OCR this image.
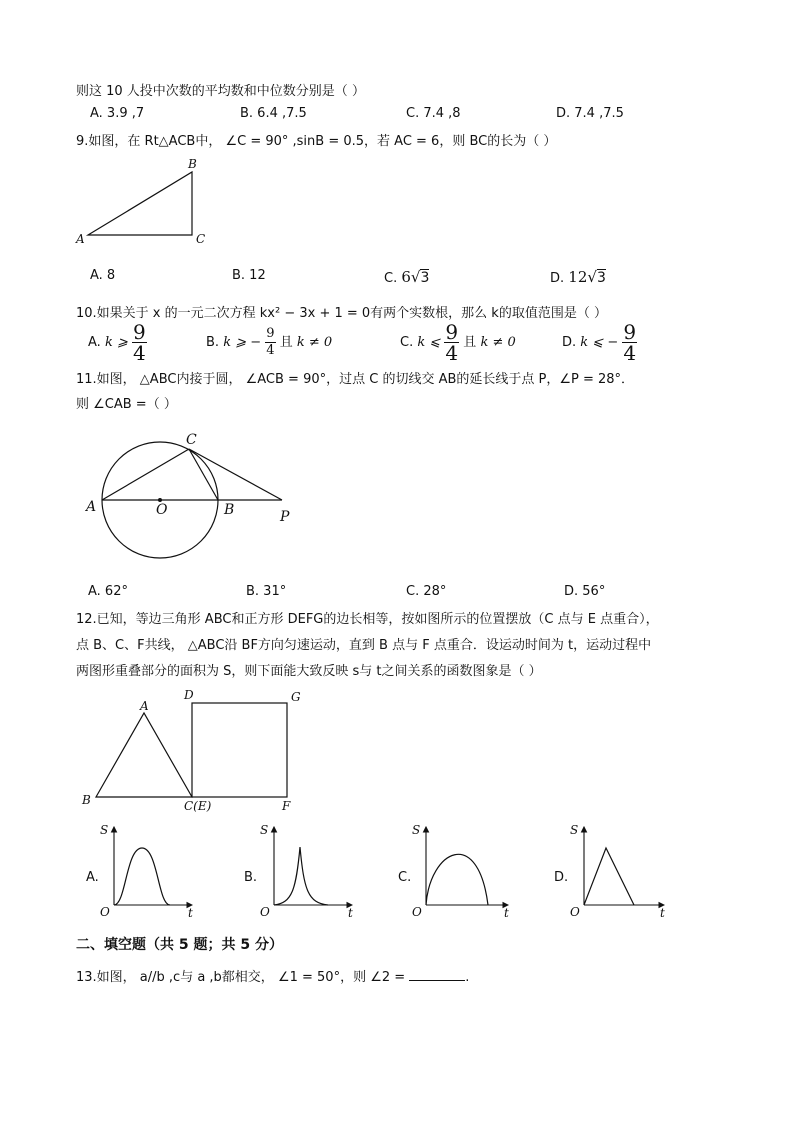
则这 10 人投中次数的平均数和中位数分别是（ ）
A. 3.9 ,7	B. 6.4 ,7.5	C. 7.4 ,8	D. 7.4 ,7.5
9.如图，在 Rt△ACB中， ∠C = 90° ,sinB = 0.5，若 AC = 6，则 BC的长为（ ）
B
A	C
A. 8	B. 12	C. 6√3	D. 12√3
10.如果关于 x 的一元二次方程 kx² − 3x + 1 = 0有两个实数根，那么 k的取值范围是（ ）
A. k ⩾ $\frac{9}{4}$	B. k ⩾ − $\frac{9}{4}$ 且 k ≠ 0	C. k ⩽ $\frac{9}{4}$ 且 k ≠ 0	D. k ⩽ − $\frac{9}{4}$
11.如图， △ABC内接于圆， ∠ACB = 90°，过点 C 的切线交 AB的延长线于点 P，∠P = 28°．
则 ∠CAB =（ ）
C
A	O	B	P
A. 62°	B. 31°	C. 28°	D. 56°
12.已知，等边三角形 ABC和正方形 DEFG的边长相等，按如图所示的位置摆放（C 点与 E 点重合），
点 B、C、F共线， △ABC沿 BF方向匀速运动，直到 B 点与 F 点重合．设运动时间为 t，运动过程中
两图形重叠部分的面积为 S，则下面能大致反映 s与 t之间关系的函数图象是（ ）
A
B	C(E)
D	G
F
S
O	t
A.
S
O	t
B.
S
O	t
C.
S
O	t
D.
二、填空题（共 5 题；共 5 分）
13.如图， a//b ,c与 a ,b都相交， ∠1 = 50°，则 ∠2 =	.
